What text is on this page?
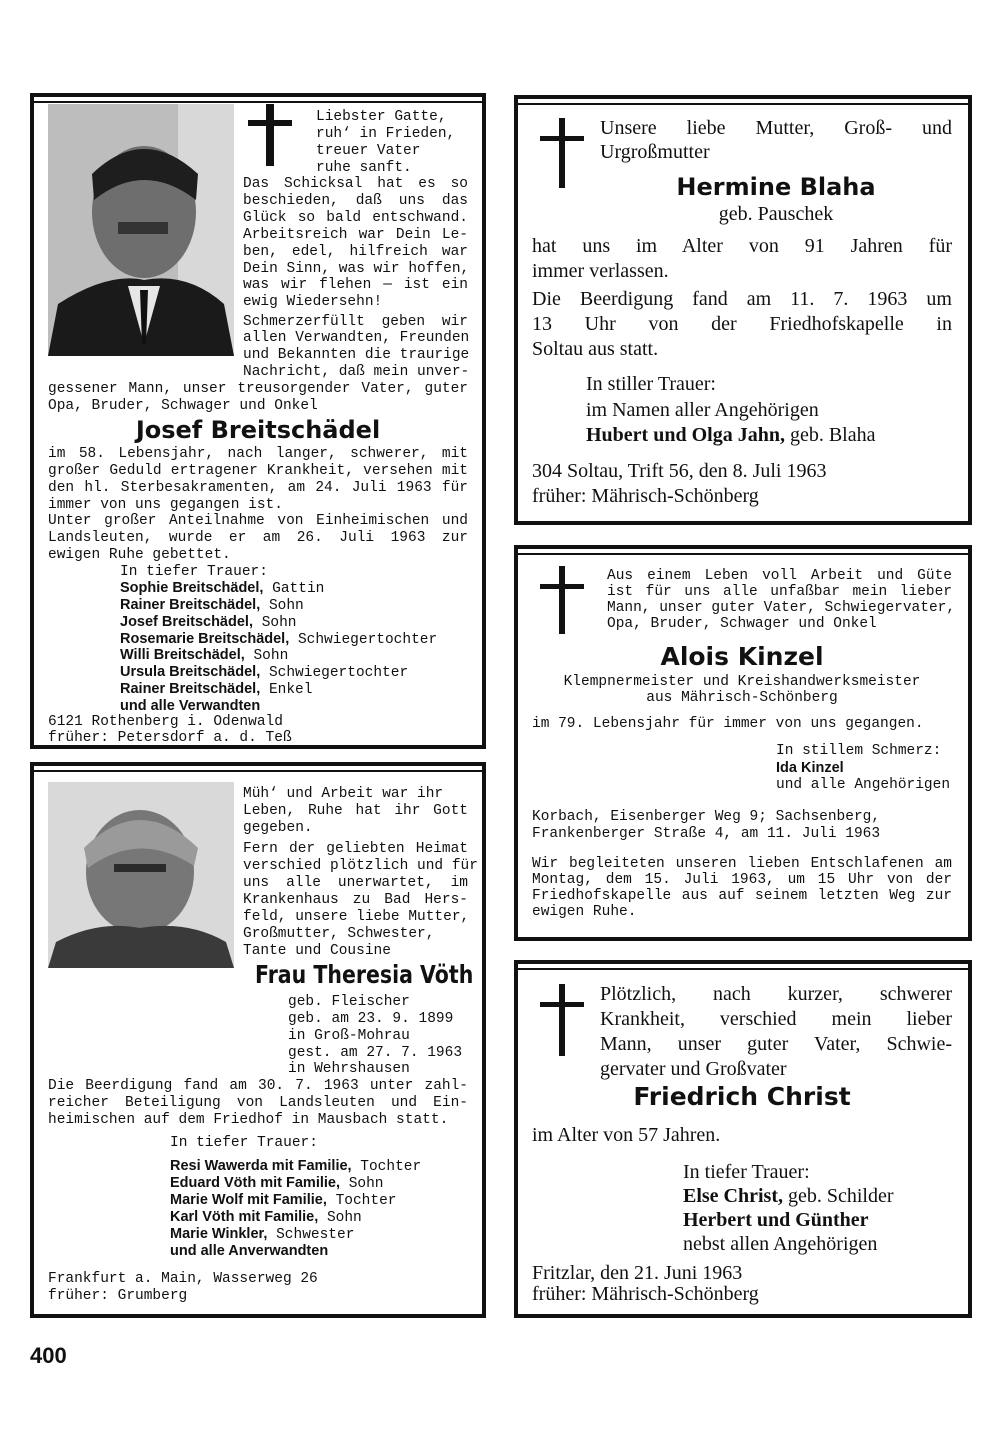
Liebster Gatte,
ruh‘ in Frieden,
treuer Vater
ruhe sanft.
Das Schicksal hat es so
beschieden, daß uns das
Glück so bald entschwand.
Arbeitsreich war Dein Le-
ben, edel, hilfreich war
Dein Sinn, was wir hoffen,
was wir flehen — ist ein
ewig Wiedersehn!
Schmerzerfüllt geben wir
allen Verwandten, Freunden
und Bekannten die traurige
Nachricht, daß mein unver-
gessener Mann, unser treusorgender Vater, guter
Opa, Bruder, Schwager und Onkel
Josef Breitschädel
im 58. Lebensjahr, nach langer, schwerer, mit
großer Geduld ertragener Krankheit, versehen mit
den hl. Sterbesakramenten, am 24. Juli 1963 für
immer von uns gegangen ist.
Unter großer Anteilnahme von Einheimischen und
Landsleuten, wurde er am 26. Juli 1963 zur
ewigen Ruhe gebettet.
In tiefer Trauer:
Sophie Breitschädel, Gattin
Rainer Breitschädel, Sohn
Josef Breitschädel, Sohn
Rosemarie Breitschädel, Schwiegertochter
Willi Breitschädel, Sohn
Ursula Breitschädel, Schwiegertochter
Rainer Breitschädel, Enkel
und alle Verwandten
6121 Rothenberg i. Odenwald
früher: Petersdorf a. d. Teß
Unsere liebe Mutter, Groß- und
Urgroßmutter
Hermine Blaha
geb. Pauschek
hat uns im Alter von 91 Jahren für
immer verlassen.
Die Beerdigung fand am 11. 7. 1963 um
13 Uhr von der Friedhofskapelle in
Soltau aus statt.
In stiller Trauer:
im Namen aller Angehörigen
Hubert und Olga Jahn, geb. Blaha
304 Soltau, Trift 56, den 8. Juli 1963
früher: Mährisch-Schönberg
Aus einem Leben voll Arbeit und Güte
ist für uns alle unfaßbar mein lieber
Mann, unser guter Vater, Schwiegervater,
Opa, Bruder, Schwager und Onkel
Alois Kinzel
Klempnermeister und Kreishandwerksmeister
aus Mährisch-Schönberg
im 79. Lebensjahr für immer von uns gegangen.
In stillem Schmerz:
Ida Kinzel
und alle Angehörigen
Korbach, Eisenberger Weg 9; Sachsenberg,
Frankenberger Straße 4, am 11. Juli 1963
Wir begleiteten unseren lieben Entschlafenen am
Montag, dem 15. Juli 1963, um 15 Uhr von der
Friedhofskapelle aus auf seinem letzten Weg zur
ewigen Ruhe.
Müh‘ und Arbeit war ihr
Leben, Ruhe hat ihr Gott
gegeben.
Fern der geliebten Heimat
verschied plötzlich und für
uns alle unerwartet, im
Krankenhaus zu Bad Hers-
feld, unsere liebe Mutter,
Großmutter, Schwester,
Tante und Cousine
Frau Theresia Vöth
geb. Fleischer
geb. am 23. 9. 1899
in Groß-Mohrau
gest. am 27. 7. 1963
in Wehrshausen
Die Beerdigung fand am 30. 7. 1963 unter zahl-
reicher Beteiligung von Landsleuten und Ein-
heimischen auf dem Friedhof in Mausbach statt.
In tiefer Trauer:
Resi Wawerda mit Familie, Tochter
Eduard Vöth mit Familie, Sohn
Marie Wolf mit Familie, Tochter
Karl Vöth mit Familie, Sohn
Marie Winkler, Schwester
und alle Anverwandten
Frankfurt a. Main, Wasserweg 26
früher: Grumberg
Plötzlich, nach kurzer, schwerer
Krankheit, verschied mein lieber
Mann, unser guter Vater, Schwie-
gervater und Großvater
Friedrich Christ
im Alter von 57 Jahren.
In tiefer Trauer:
Else Christ, geb. Schilder
Herbert und Günther
nebst allen Angehörigen
Fritzlar, den 21. Juni 1963
früher: Mährisch-Schönberg
400
